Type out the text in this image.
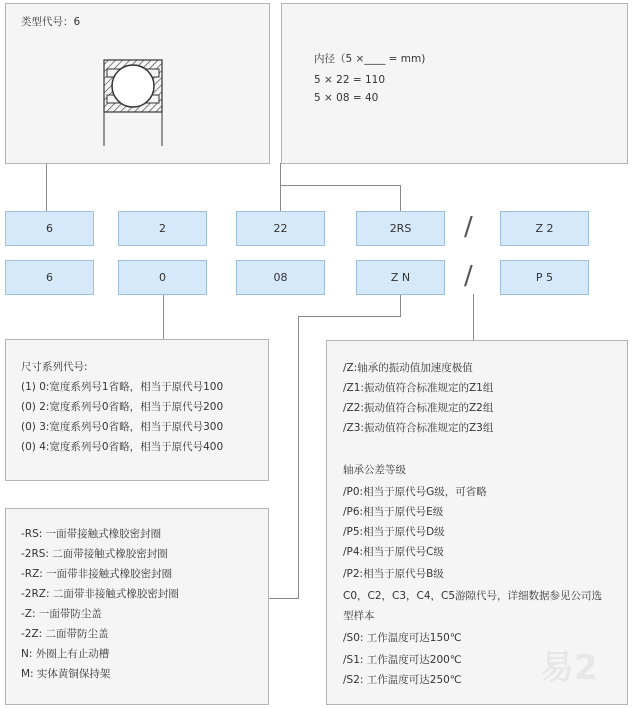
类型代号：6
内径（5 ×____ = mm)
5 × 22 = 110
5 × 08 = 40
6	2	22	2RS	/	Z 2
6	0	08	Z N	/	P 5
尺寸系列代号:
(1) 0:宽度系列号1省略，相当于原代号100
(0) 2:宽度系列号0省略，相当于原代号200
(0) 3:宽度系列号0省略，相当于原代号300
(0) 4:宽度系列号0省略，相当于原代号400
-RS: 一面带接触式橡胶密封圈
-2RS: 二面带接触式橡胶密封圈
-RZ: 一面带非接触式橡胶密封圈
-2RZ: 二面带非接触式橡胶密封圈
-Z: 一面带防尘盖
-2Z: 二面带防尘盖
N: 外圈上有止动槽
M: 实体黄铜保持架
/Z:轴承的振动值加速度极值
/Z1:振动值符合标准规定的Z1组
/Z2:振动值符合标准规定的Z2组
/Z3:振动值符合标准规定的Z3组
轴承公差等级
/P0:相当于原代号G级，可省略
/P6:相当于原代号E级
/P5:相当于原代号D级
/P4:相当于原代号C级
/P2:相当于原代号B级
C0，C2，C3，C4，C5游隙代号，详细数据参见公司选
型样本
/S0: 工作温度可达150℃
/S1: 工作温度可达200℃
/S2: 工作温度可达250℃ 易2
